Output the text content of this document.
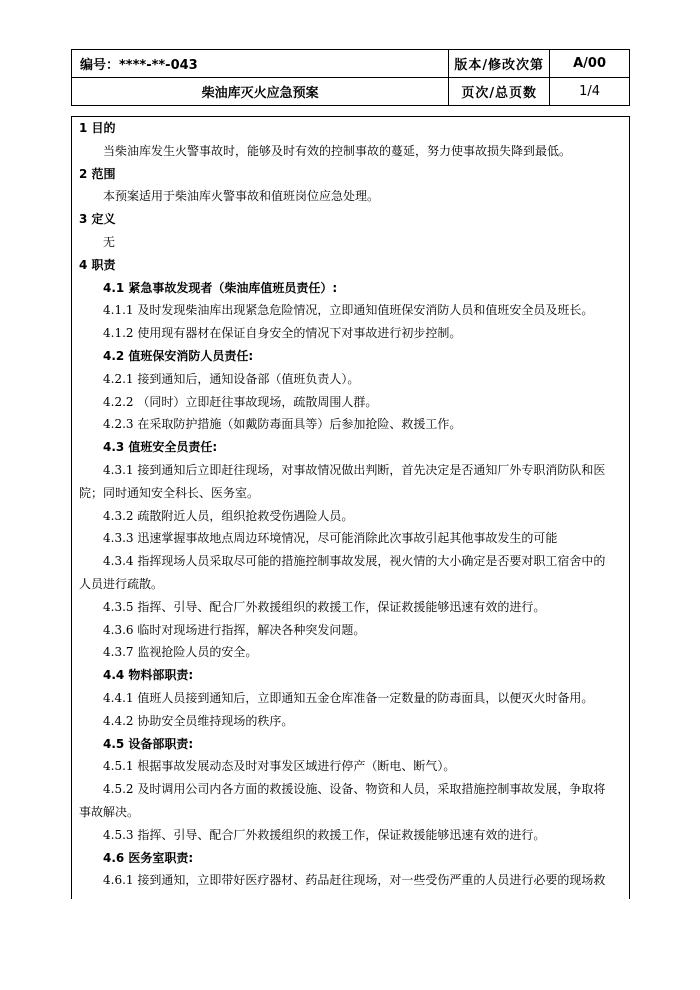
编号：****-**-043	版本/修改次第	A/00
柴油库灭火应急预案	页次/总页数	1/4
1 目的
当柴油库发生火警事故时，能够及时有效的控制事故的蔓延，努力使事故损失降到最低。
2 范围
本预案适用于柴油库火警事故和值班岗位应急处理。
3 定义
无
4 职责
4.1 紧急事故发现者（柴油库值班员责任）:
4.1.1 及时发现柴油库出现紧急危险情况，立即通知值班保安消防人员和值班安全员及班长。
4.1.2 使用现有器材在保证自身安全的情况下对事故进行初步控制。
4.2 值班保安消防人员责任:
4.2.1 接到通知后，通知设备部（值班负责人）。
4.2.2 （同时）立即赶往事故现场，疏散周围人群。
4.2.3 在采取防护措施（如戴防毒面具等）后参加抢险、救援工作。
4.3 值班安全员责任:
4.3.1 接到通知后立即赶往现场，对事故情况做出判断，首先决定是否通知厂外专职消防队和医
院；同时通知安全科长、医务室。
4.3.2 疏散附近人员，组织抢救受伤遇险人员。
4.3.3 迅速掌握事故地点周边环境情况，尽可能消除此次事故引起其他事故发生的可能
4.3.4 指挥现场人员采取尽可能的措施控制事故发展，视火情的大小确定是否要对职工宿舍中的
人员进行疏散。
4.3.5 指挥、引导、配合厂外救援组织的救援工作，保证救援能够迅速有效的进行。
4.3.6 临时对现场进行指挥，解决各种突发问题。
4.3.7 监视抢险人员的安全。
4.4 物料部职责:
4.4.1 值班人员接到通知后，立即通知五金仓库准备一定数量的防毒面具，以便灭火时备用。
4.4.2 协助安全员维持现场的秩序。
4.5 设备部职责:
4.5.1 根据事故发展动态及时对事发区域进行停产（断电、断气）。
4.5.2 及时调用公司内各方面的救援设施、设备、物资和人员，采取措施控制事故发展，争取将
事故解决。
4.5.3 指挥、引导、配合厂外救援组织的救援工作，保证救援能够迅速有效的进行。
4.6 医务室职责:
4.6.1 接到通知，立即带好医疗器材、药品赶往现场，对一些受伤严重的人员进行必要的现场救
